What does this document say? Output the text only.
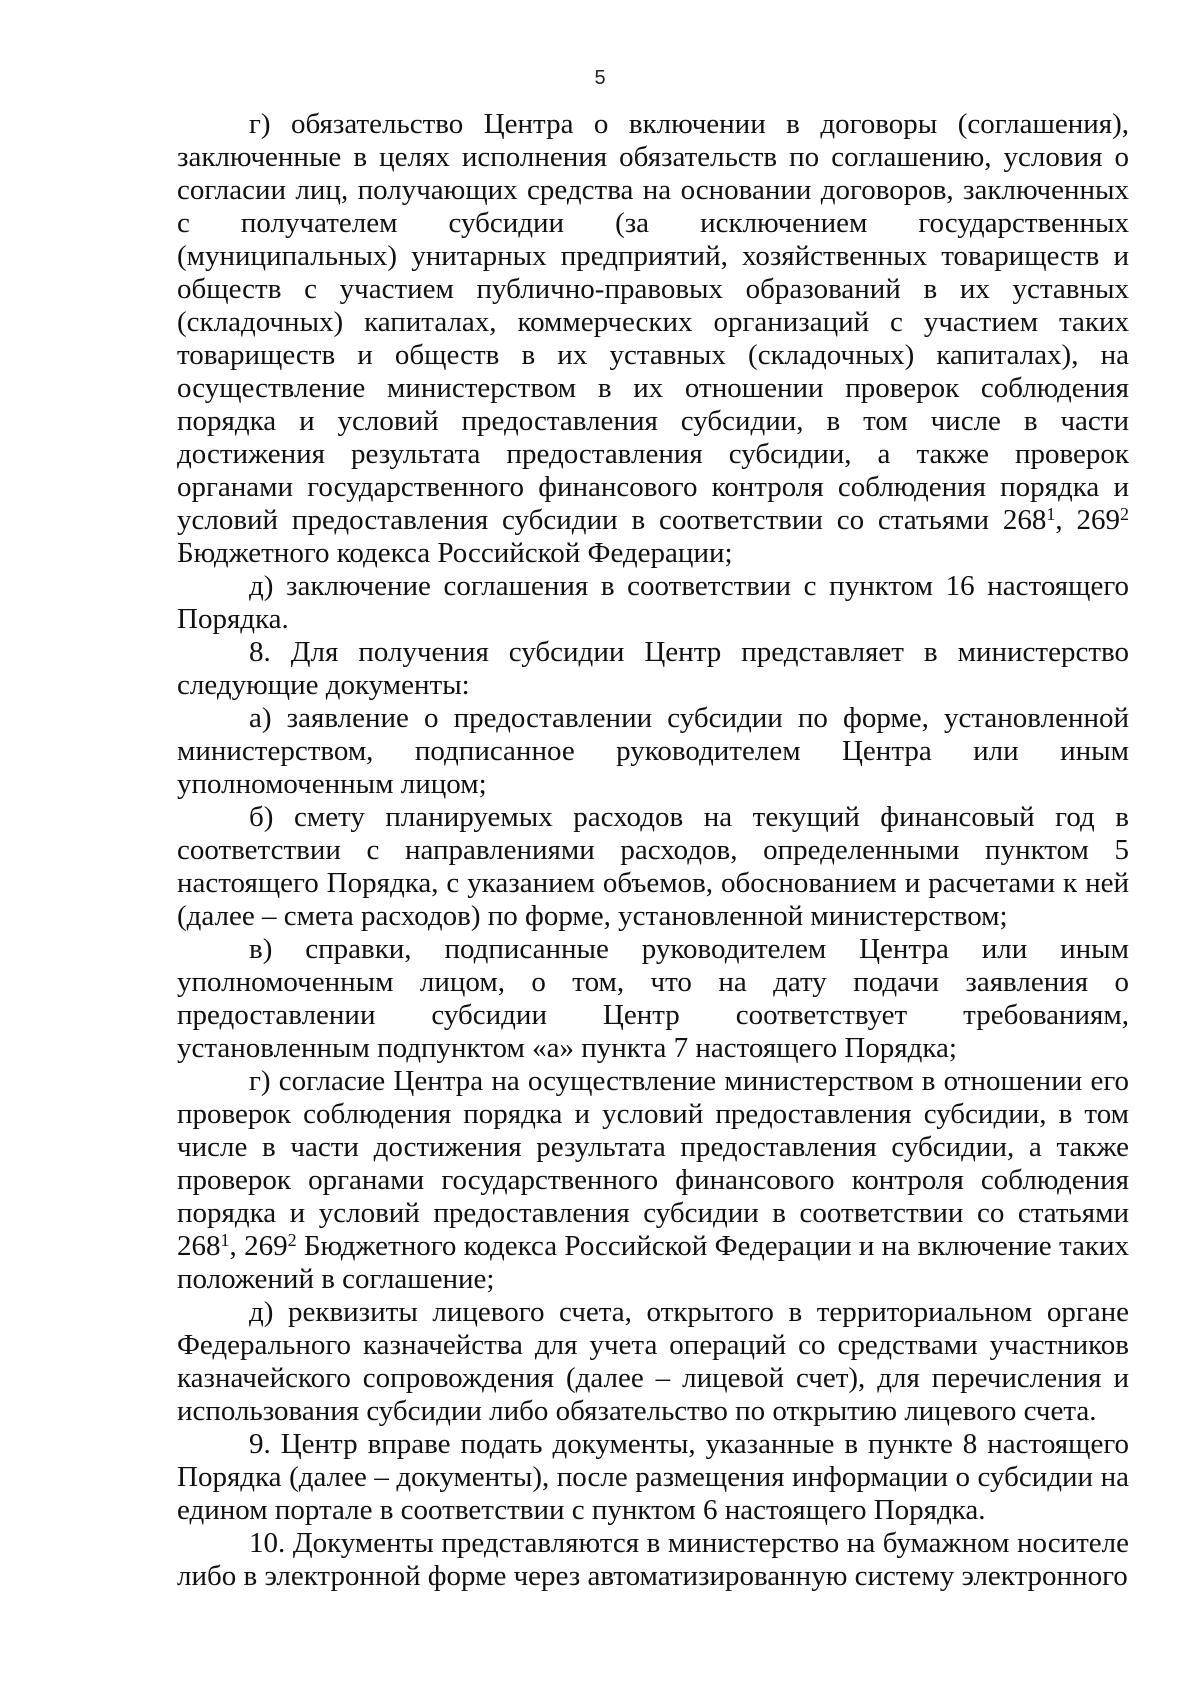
5

г) обязательство Центра о включении в договоры (соглашения), заключенные в целях исполнения обязательств по соглашению, условия о согласии лиц, получающих средства на основании договоров, заключенных с получателем субсидии (за исключением государственных (муниципальных) унитарных предприятий, хозяйственных товариществ и обществ с участием публично-правовых образований в их уставных (складочных) капиталах, коммерческих организаций с участием таких товариществ и обществ в их уставных (складочных) капиталах), на осуществление министерством в их отношении проверок соблюдения порядка и условий предоставления субсидии, в том числе в части достижения результата предоставления субсидии, а также проверок органами государственного финансового контроля соблюдения порядка и условий предоставления субсидии в соответствии со статьями $268^1$, $269^2$ Бюджетного кодекса Российской Федерации;

д) заключение соглашения в соответствии с пунктом 16 настоящего Порядка.

8. Для получения субсидии Центр представляет в министерство следующие документы:

а) заявление о предоставлении субсидии по форме, установленной министерством, подписанное руководителем Центра или иным уполномоченным лицом;

б) смету планируемых расходов на текущий финансовый год в соответствии с направлениями расходов, определенными пунктом 5 настоящего Порядка, с указанием объемов, обоснованием и расчетами к ней (далее – смета расходов) по форме, установленной министерством;

в) справки, подписанные руководителем Центра или иным уполномоченным лицом, о том, что на дату подачи заявления о предоставлении субсидии Центр соответствует требованиям, установленным подпунктом «а» пункта 7 настоящего Порядка;

г) согласие Центра на осуществление министерством в отношении его проверок соблюдения порядка и условий предоставления субсидии, в том числе в части достижения результата предоставления субсидии, а также проверок органами государственного финансового контроля соблюдения порядка и условий предоставления субсидии в соответствии со статьями $268^1$, $269^2$ Бюджетного кодекса Российской Федерации и на включение таких положений в соглашение;

д) реквизиты лицевого счета, открытого в территориальном органе Федерального казначейства для учета операций со средствами участников казначейского сопровождения (далее – лицевой счет), для перечисления и использования субсидии либо обязательство по открытию лицевого счета.

9. Центр вправе подать документы, указанные в пункте 8 настоящего Порядка (далее – документы), после размещения информации о субсидии на едином портале в соответствии с пунктом 6 настоящего Порядка.

10. Документы представляются в министерство на бумажном носителе либо в электронной форме через автоматизированную систему электронного
